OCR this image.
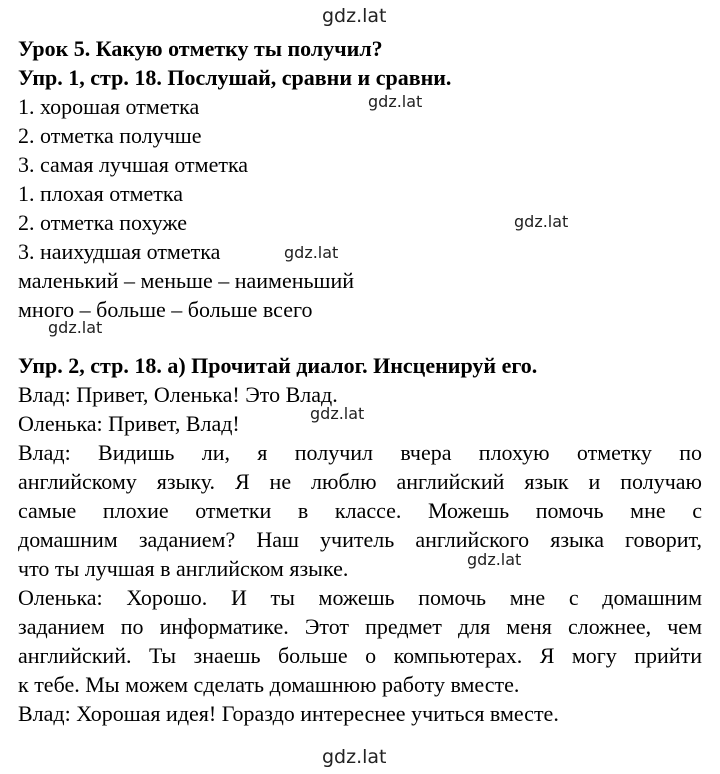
gdz.lat
gdz.lat
gdz.lat
gdz.lat
gdz.lat
gdz.lat
gdz.lat
gdz.lat
Урок 5. Какую отметку ты получил?
Упр. 1, стр. 18. Послушай, сравни и сравни.
1. хорошая отметка
2. отметка получше
3. самая лучшая отметка
1. плохая отметка
2. отметка похуже
3. наихудшая отметка
маленький – меньше – наименьший
много – больше – больше всего
Упр. 2, стр. 18. а) Прочитай диалог. Инсценируй его.
Влад: Привет, Оленька! Это Влад.
Оленька: Привет, Влад!
Влад: Видишь ли, я получил вчера плохую отметку по
английскому языку. Я не люблю английский язык и получаю
самые плохие отметки в классе. Можешь помочь мне с
домашним заданием? Наш учитель английского языка говорит,
что ты лучшая в английском языке.
Оленька: Хорошо. И ты можешь помочь мне с домашним
заданием по информатике. Этот предмет для меня сложнее, чем
английский. Ты знаешь больше о компьютерах. Я могу прийти
к тебе. Мы можем сделать домашнюю работу вместе.
Влад: Хорошая идея! Гораздо интереснее учиться вместе.
